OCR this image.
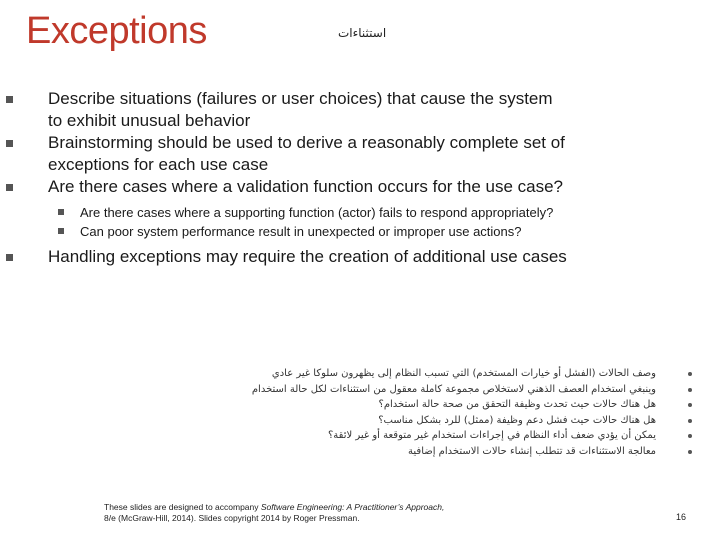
Exceptions	استثناءات
Describe situations (failures or user choices) that cause the system to exhibit unusual behavior
Brainstorming should be used to derive a reasonably complete set of exceptions for each use case
Are there cases where a validation function occurs for the use case?
Are there cases where a supporting function (actor) fails to respond appropriately?
Can poor system performance result in unexpected or improper use actions?
Handling exceptions may require the creation of additional use cases
وصف الحالات (الفشل أو خيارات المستخدم) التي تسبب النظام إلى يظهرون سلوكا غير عادي
وينبغي استخدام العصف الذهني لاستخلاص مجموعة كاملة معقول من استثناءات لكل حالة استخدام
هل هناك حالات حيث تحدث وظيفة التحقق من صحة حالة استخدام؟
هل هناك حالات حيث فشل دعم وظيفة (ممثل) للرد بشكل مناسب؟
يمكن أن يؤدي ضعف أداء النظام في إجراءات استخدام غير متوقعة أو غير لائقة؟
معالجة الاستثناءات قد تتطلب إنشاء حالات الاستخدام إضافية
These slides are designed to accompany Software Engineering: A Practitioner’s Approach,
8/e (McGraw-Hill, 2014). Slides copyright 2014 by Roger Pressman.	16
